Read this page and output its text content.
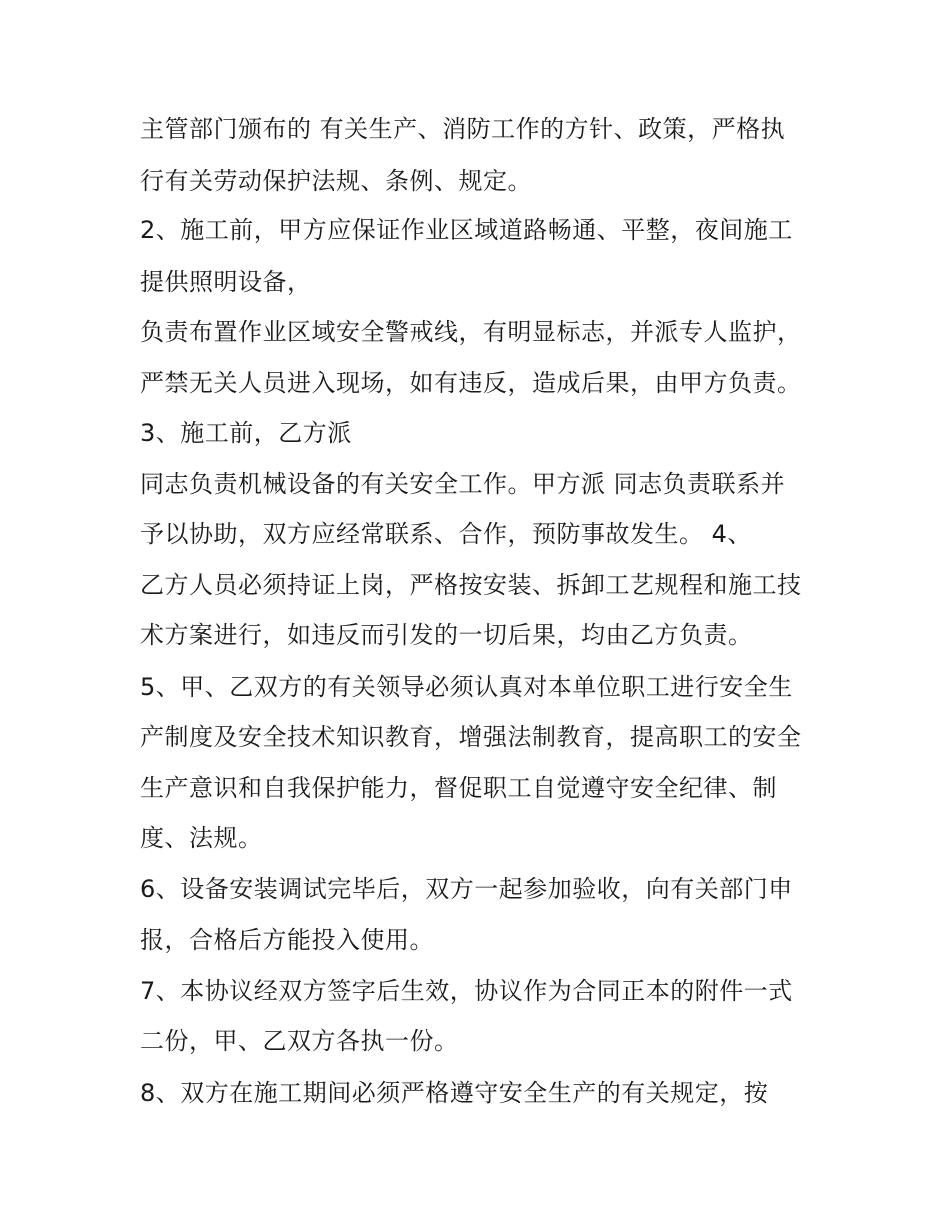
主管部门颁布的 有关生产、消防工作的方针、政策，严格执
行有关劳动保护法规、条例、规定。
2、施工前，甲方应保证作业区域道路畅通、平整，夜间施工
提供照明设备，
负责布置作业区域安全警戒线，有明显标志，并派专人监护，
严禁无关人员进入现场，如有违反，造成后果，由甲方负责。
3、施工前，乙方派
同志负责机械设备的有关安全工作。甲方派 同志负责联系并
予以协助，双方应经常联系、合作，预防事故发生。 4、
乙方人员必须持证上岗，严格按安装、拆卸工艺规程和施工技
术方案进行，如违反而引发的一切后果，均由乙方负责。
5、甲、乙双方的有关领导必须认真对本单位职工进行安全生
产制度及安全技术知识教育，增强法制教育，提高职工的安全
生产意识和自我保护能力，督促职工自觉遵守安全纪律、制
度、法规。
6、设备安装调试完毕后，双方一起参加验收，向有关部门申
报，合格后方能投入使用。
7、本协议经双方签字后生效，协议作为合同正本的附件一式
二份，甲、乙双方各执一份。
8、双方在施工期间必须严格遵守安全生产的有关规定，按
